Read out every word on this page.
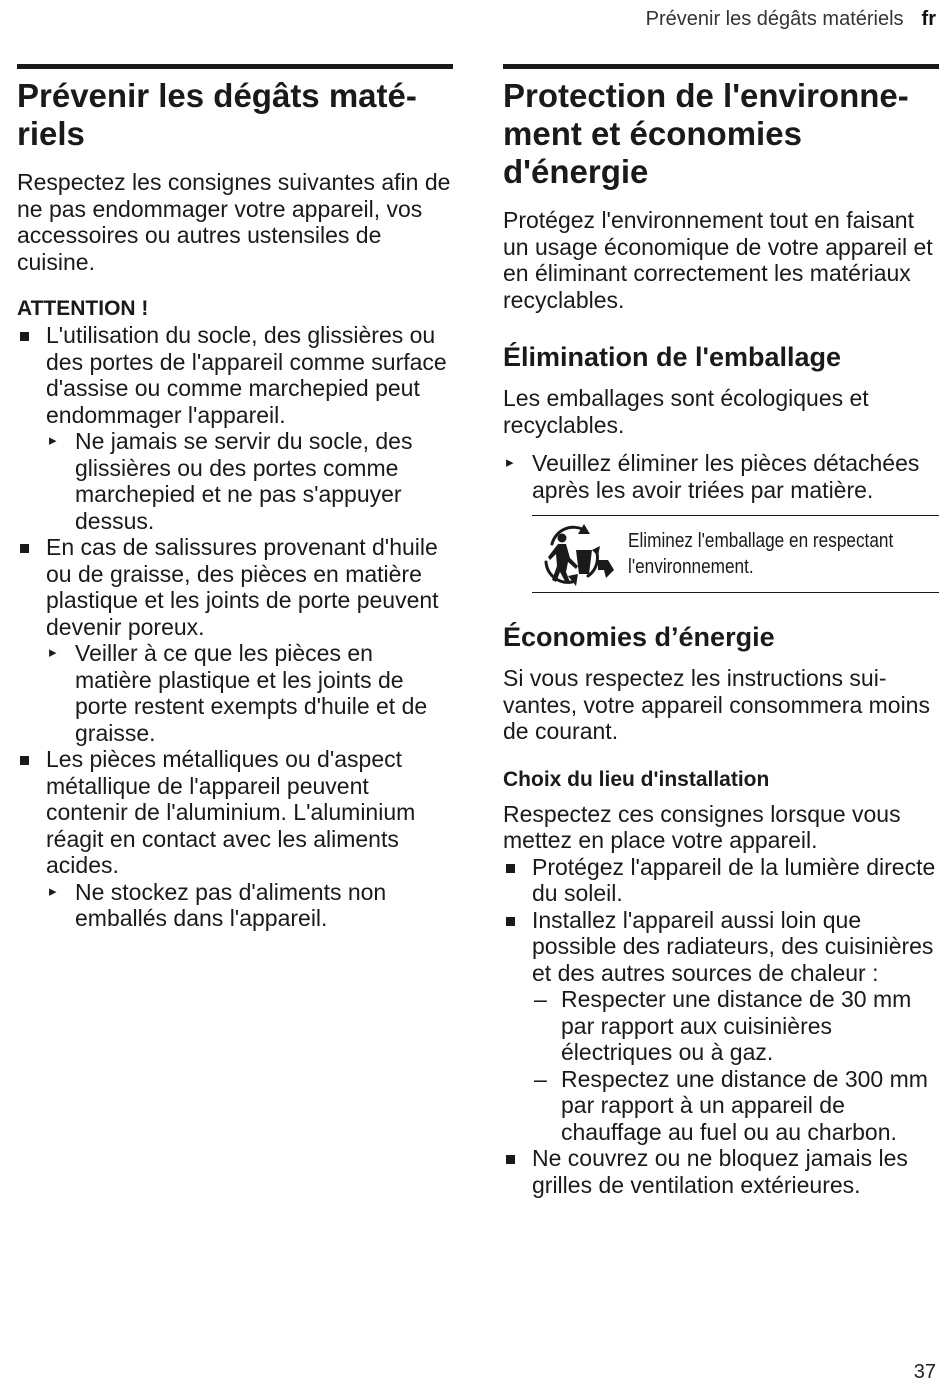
Prévenir les dégâts matériels fr
Prévenir les dégâts matériels

Respectez les consignes suivantes afin de ne pas endommager votre appareil, vos accessoires ou autres ustensiles de cuisine.

ATTENTION !
L'utilisation du socle, des glissières ou des portes de l'appareil comme surface d'assise ou comme marchepied peut endommager l'appareil.
▸ Ne jamais se servir du socle, des glissières ou des portes comme marchepied et ne pas s'appuyer dessus.
En cas de salissures provenant d'huile ou de graisse, des pièces en matière plastique et les joints de porte peuvent devenir poreux.
▸ Veiller à ce que les pièces en matière plastique et les joints de porte restent exempts d'huile et de graisse.
Les pièces métalliques ou d'aspect métallique de l'appareil peuvent contenir de l'aluminium. L'aluminium réagit en contact avec les aliments acides.
▸ Ne stockez pas d'aliments non emballés dans l'appareil.
Protection de l'environnement et économies d'énergie

Protégez l'environnement tout en faisant un usage économique de votre appareil et en éliminant correctement les matériaux recyclables.

Élimination de l'emballage

Les emballages sont écologiques et recyclables.

▸ Veuillez éliminer les pièces détachées après les avoir triées par matière.
Eliminez l'emballage en respectant l'environnement.
Économies d’énergie

Si vous respectez les instructions suivantes, votre appareil consommera moins de courant.

Choix du lieu d'installation

Respectez ces consignes lorsque vous mettez en place votre appareil.

Protégez l'appareil de la lumière directe du soleil.
Installez l'appareil aussi loin que possible des radiateurs, des cuisinières et des autres sources de chaleur :
– Respecter une distance de 30 mm par rapport aux cuisinières électriques ou à gaz.
– Respectez une distance de 300 mm par rapport à un appareil de chauffage au fuel ou au charbon.
Ne couvrez ou ne bloquez jamais les grilles de ventilation extérieures.
37
